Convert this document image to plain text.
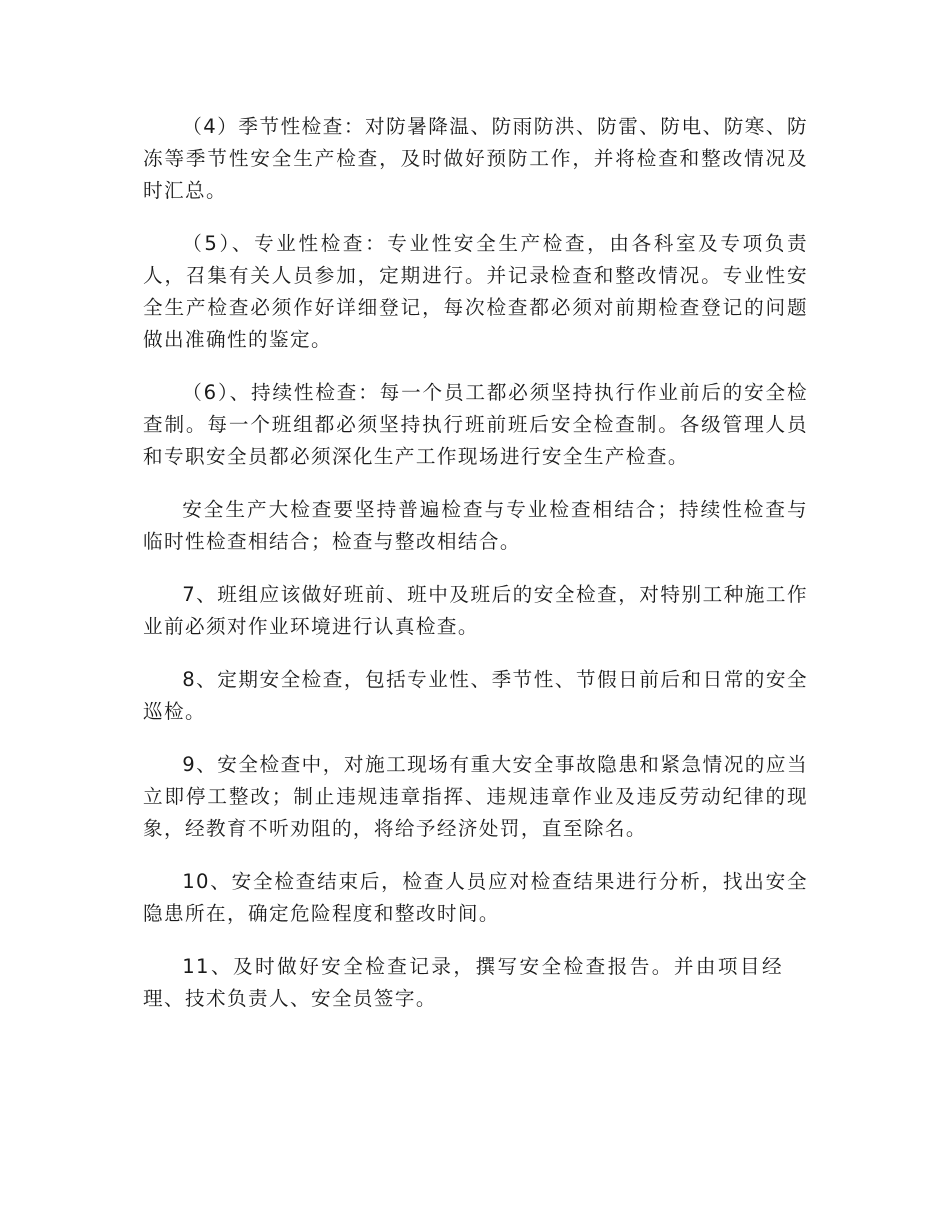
（4）季节性检查：对防暑降温、防雨防洪、防雷、防电、防寒、防冻等季节性安全生产检查，及时做好预防工作，并将检查和整改情况及时汇总。

（5）、专业性检查：专业性安全生产检查，由各科室及专项负责人，召集有关人员参加，定期进行。并记录检查和整改情况。专业性安全生产检查必须作好详细登记，每次检查都必须对前期检查登记的问题做出准确性的鉴定。

（6）、持续性检查：每一个员工都必须坚持执行作业前后的安全检查制。每一个班组都必须坚持执行班前班后安全检查制。各级管理人员和专职安全员都必须深化生产工作现场进行安全生产检查。

安全生产大检查要坚持普遍检查与专业检查相结合；持续性检查与临时性检查相结合；检查与整改相结合。

7、班组应该做好班前、班中及班后的安全检查，对特别工种施工作业前必须对作业环境进行认真检查。

8、定期安全检查，包括专业性、季节性、节假日前后和日常的安全巡检。

9、安全检查中，对施工现场有重大安全事故隐患和紧急情况的应当立即停工整改；制止违规违章指挥、违规违章作业及违反劳动纪律的现象，经教育不听劝阻的，将给予经济处罚，直至除名。

10、安全检查结束后，检查人员应对检查结果进行分析，找出安全隐患所在，确定危险程度和整改时间。

11、及时做好安全检查记录，撰写安全检查报告。并由项目经理、技术负责人、安全员签字。
